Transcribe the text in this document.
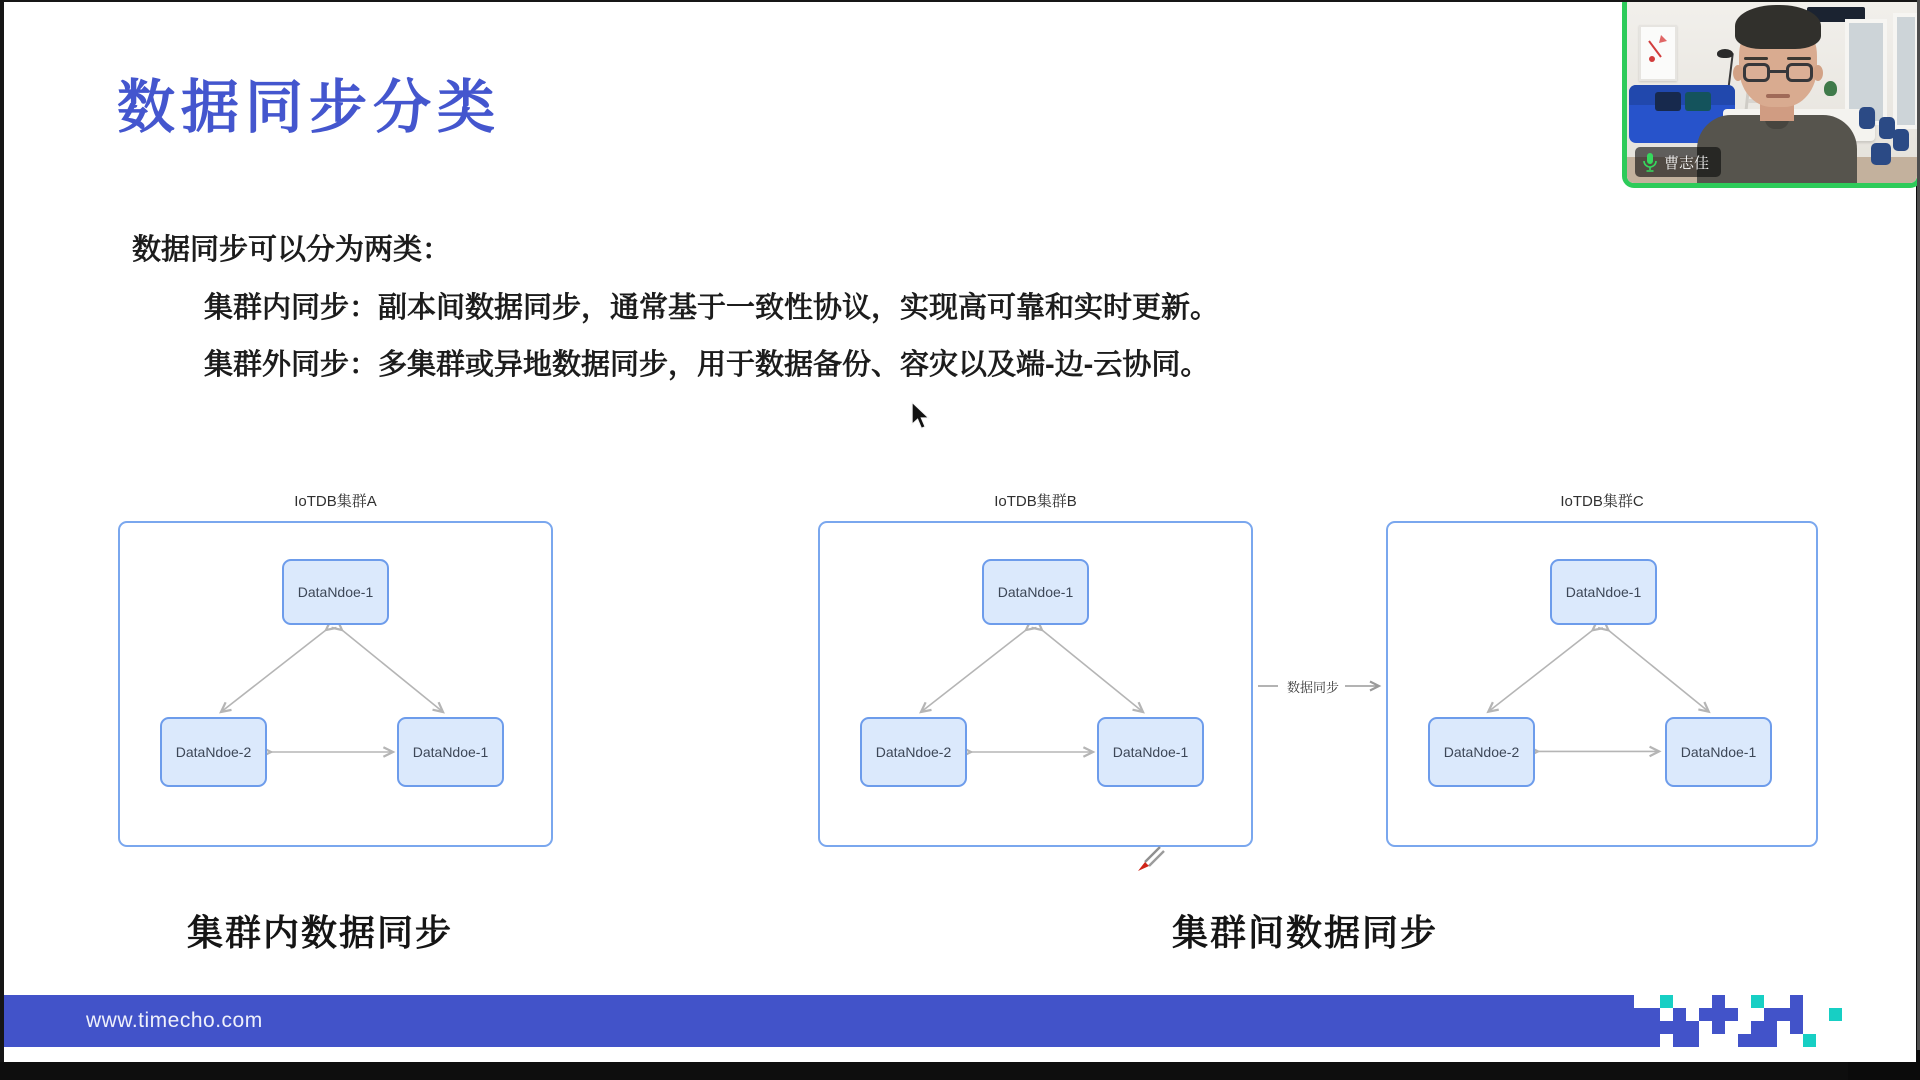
数据同步分类
数据同步可以分为两类：
集群内同步：副本间数据同步，通常基于一致性协议，实现高可靠和实时更新。
集群外同步：多集群或异地数据同步，用于数据备份、容灾以及端-边-云协同。
IoTDB集群A
DataNdoe-1
DataNdoe-2	DataNdoe-1
IoTDB集群B
DataNdoe-1
DataNdoe-2	DataNdoe-1
IoTDB集群C
DataNdoe-1
DataNdoe-2	DataNdoe-1
数据同步
集群内数据同步	集群间数据同步
www.timecho.com
曹志佳
